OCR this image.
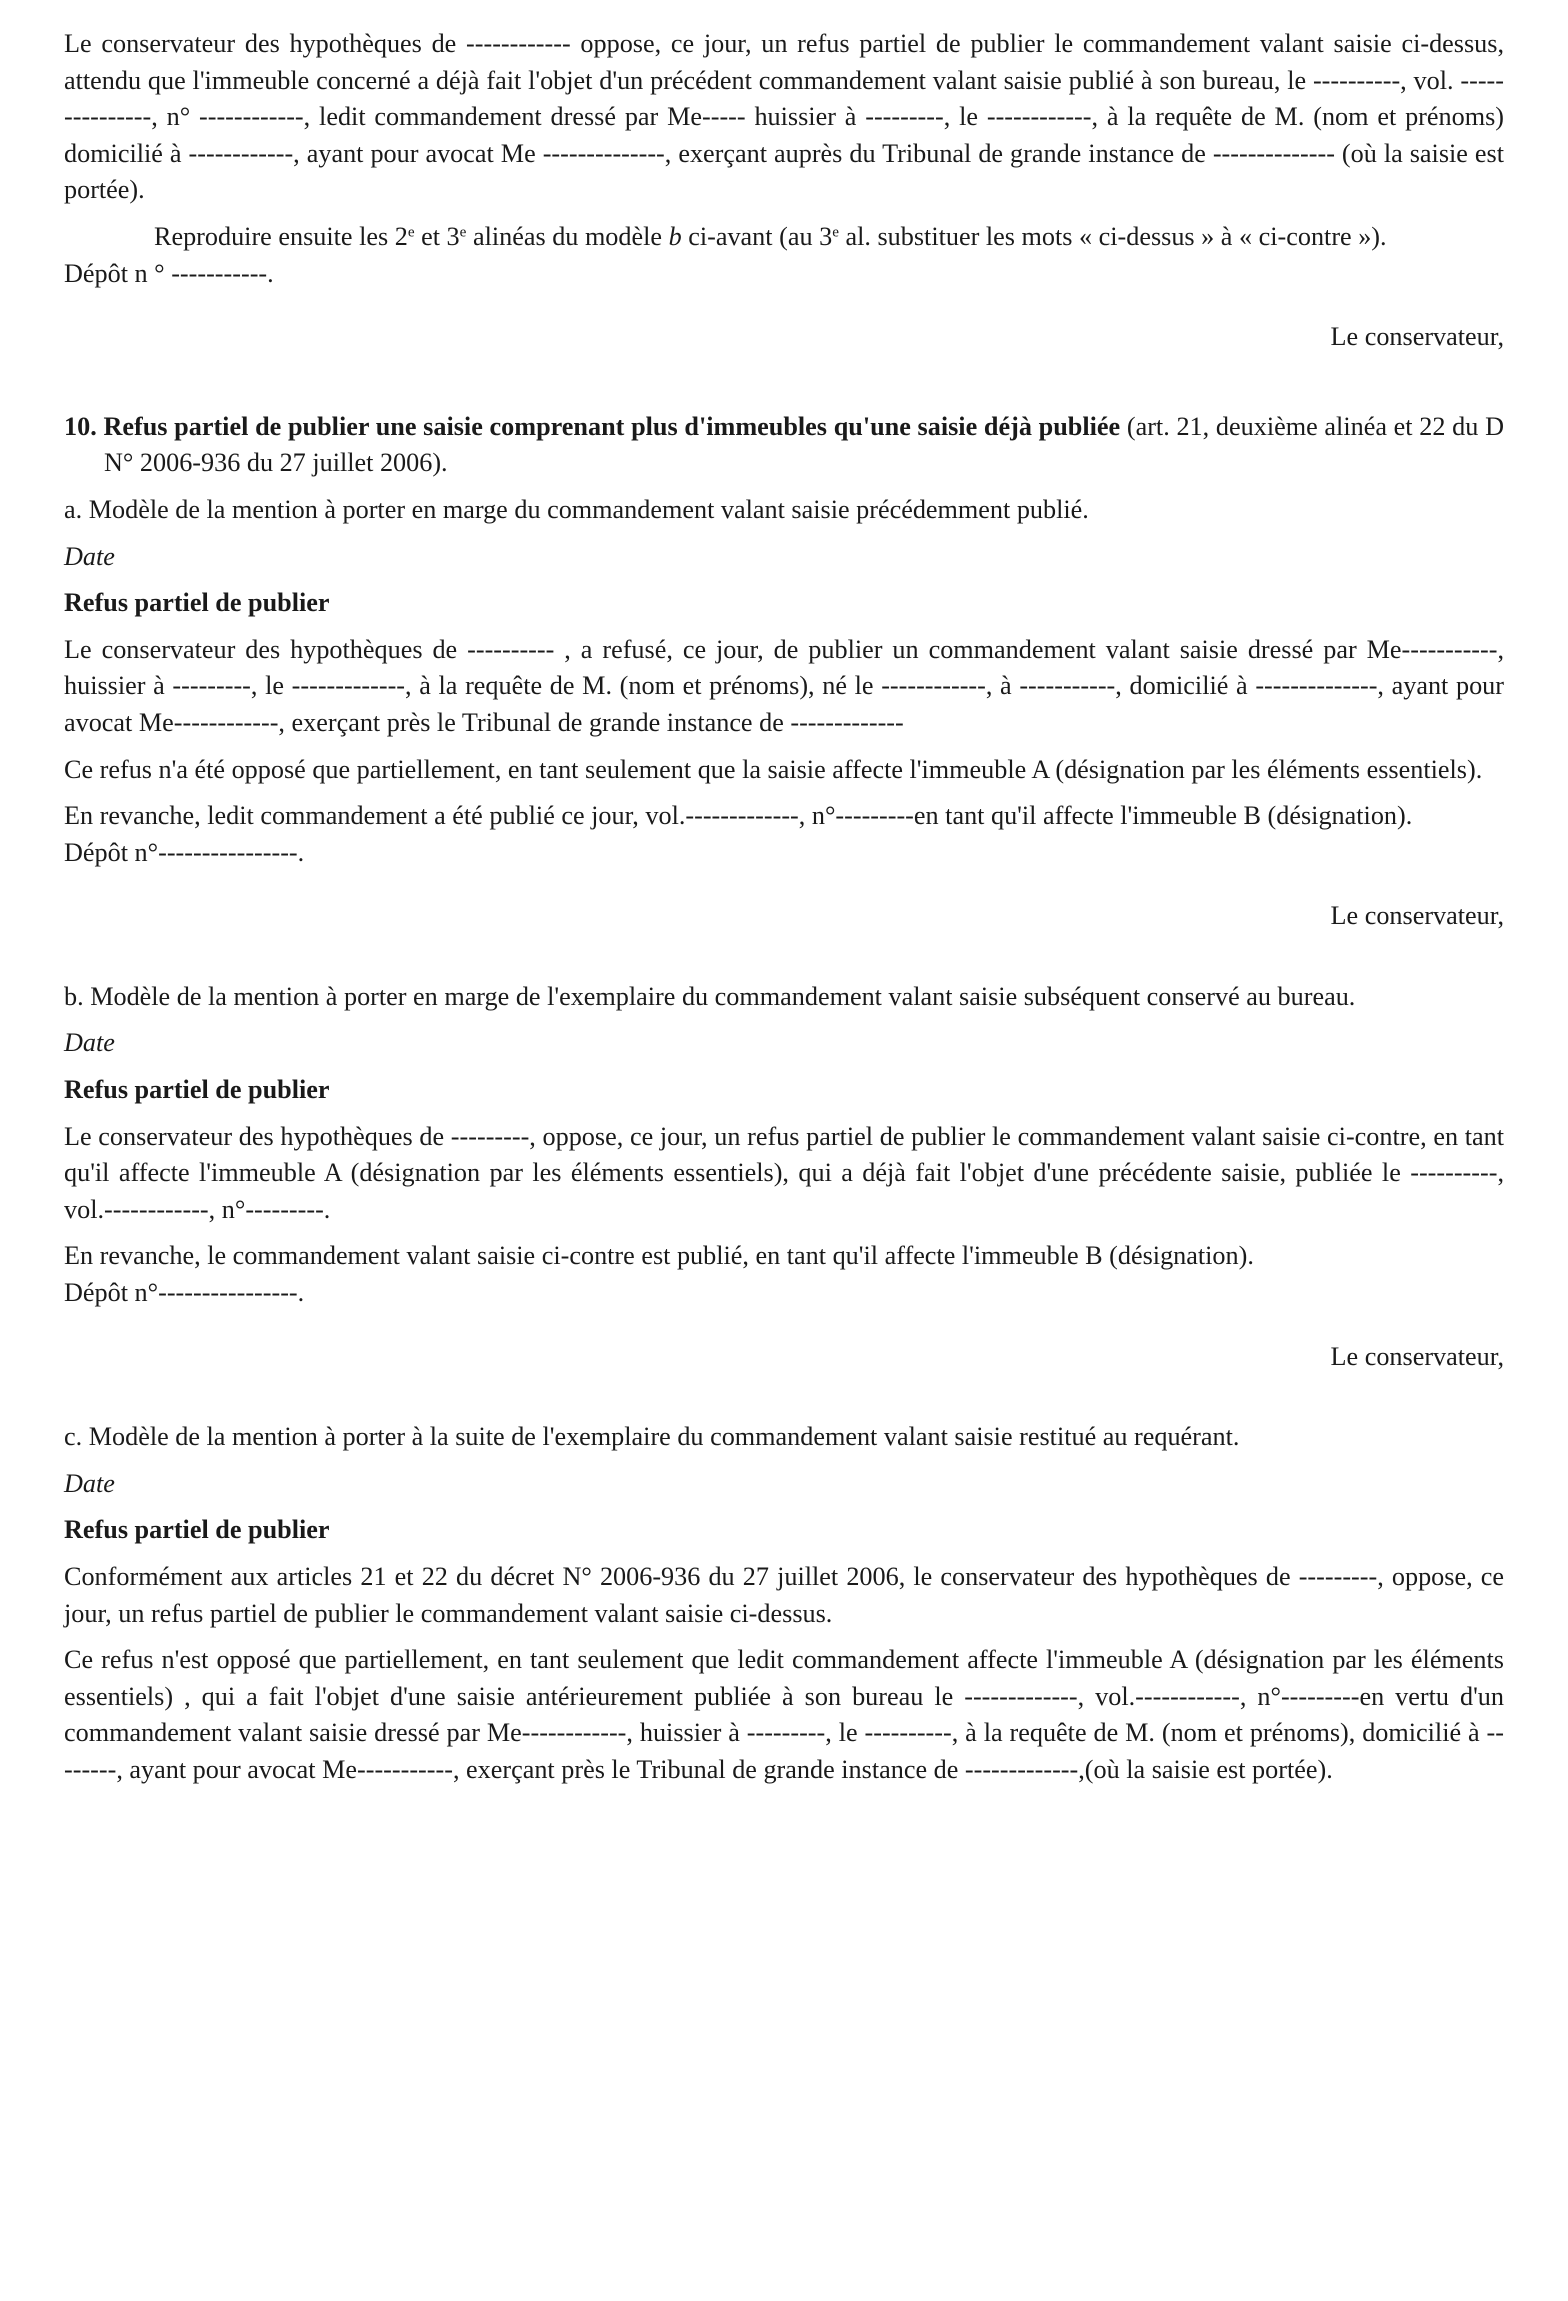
Le conservateur des hypothèques de ------------ oppose, ce jour, un refus partiel de publier le commandement valant saisie ci-dessus, attendu que l'immeuble concerné a déjà fait l'objet d'un précédent commandement valant saisie publié à son bureau, le ----------, vol. ---------------, n° ------------, ledit commandement dressé par Me----- huissier à ---------, le ------------, à la requête de M. (nom et prénoms) domicilié à ------------, ayant pour avocat Me --------------, exerçant auprès du Tribunal de grande instance de -------------- (où la saisie est portée).

Reproduire ensuite les 2e et 3e alinéas du modèle b ci-avant (au 3e al. substituer les mots « ci-dessus » à « ci-contre »).

Dépôt n ° -----------.

Le conservateur,

10. Refus partiel de publier une saisie comprenant plus d'immeubles qu'une saisie déjà publiée (art. 21, deuxième alinéa et 22 du D N° 2006-936 du 27 juillet 2006).

a. Modèle de la mention à porter en marge du commandement valant saisie précédemment publié.

Date

Refus partiel de publier

Le conservateur des hypothèques de ---------- , a refusé, ce jour, de publier un commandement valant saisie dressé par Me-----------, huissier à ---------, le -------------, à la requête de M. (nom et prénoms), né le ------------, à -----------, domicilié à --------------, ayant pour avocat Me------------, exerçant près le Tribunal de grande instance de -------------

Ce refus n'a été opposé que partiellement, en tant seulement que la saisie affecte l'immeuble A (désignation par les éléments essentiels).

En revanche, ledit commandement a été publié ce jour, vol.-------------, n°---------en tant qu'il affecte l'immeuble B (désignation).

Dépôt n°----------------.

Le conservateur,

b. Modèle de la mention à porter en marge de l'exemplaire du commandement valant saisie subséquent conservé au bureau.

Date

Refus partiel de publier

Le conservateur des hypothèques de ---------, oppose, ce jour, un refus partiel de publier le commandement valant saisie ci-contre, en tant qu'il affecte l'immeuble A (désignation par les éléments essentiels), qui a déjà fait l'objet d'une précédente saisie, publiée le ----------, vol.------------, n°---------.

En revanche, le commandement valant saisie ci-contre est publié, en tant qu'il affecte l'immeuble B (désignation).

Dépôt n°----------------.

Le conservateur,

c. Modèle de la mention à porter à la suite de l'exemplaire du commandement valant saisie restitué au requérant.

Date

Refus partiel de publier

Conformément aux articles 21 et 22 du décret N° 2006-936 du 27 juillet 2006, le conservateur des hypothèques de ---------, oppose, ce jour, un refus partiel de publier le commandement valant saisie ci-dessus.

Ce refus n'est opposé que partiellement, en tant seulement que ledit commandement affecte l'immeuble A (désignation par les éléments essentiels) , qui a fait l'objet d'une saisie antérieurement publiée à son bureau le -------------, vol.------------, n°---------en vertu d'un commandement valant saisie dressé par Me------------, huissier à ---------, le ----------, à la requête de M. (nom et prénoms), domicilié à --------, ayant pour avocat Me-----------, exerçant près le Tribunal de grande instance de -------------,(où la saisie est portée).
